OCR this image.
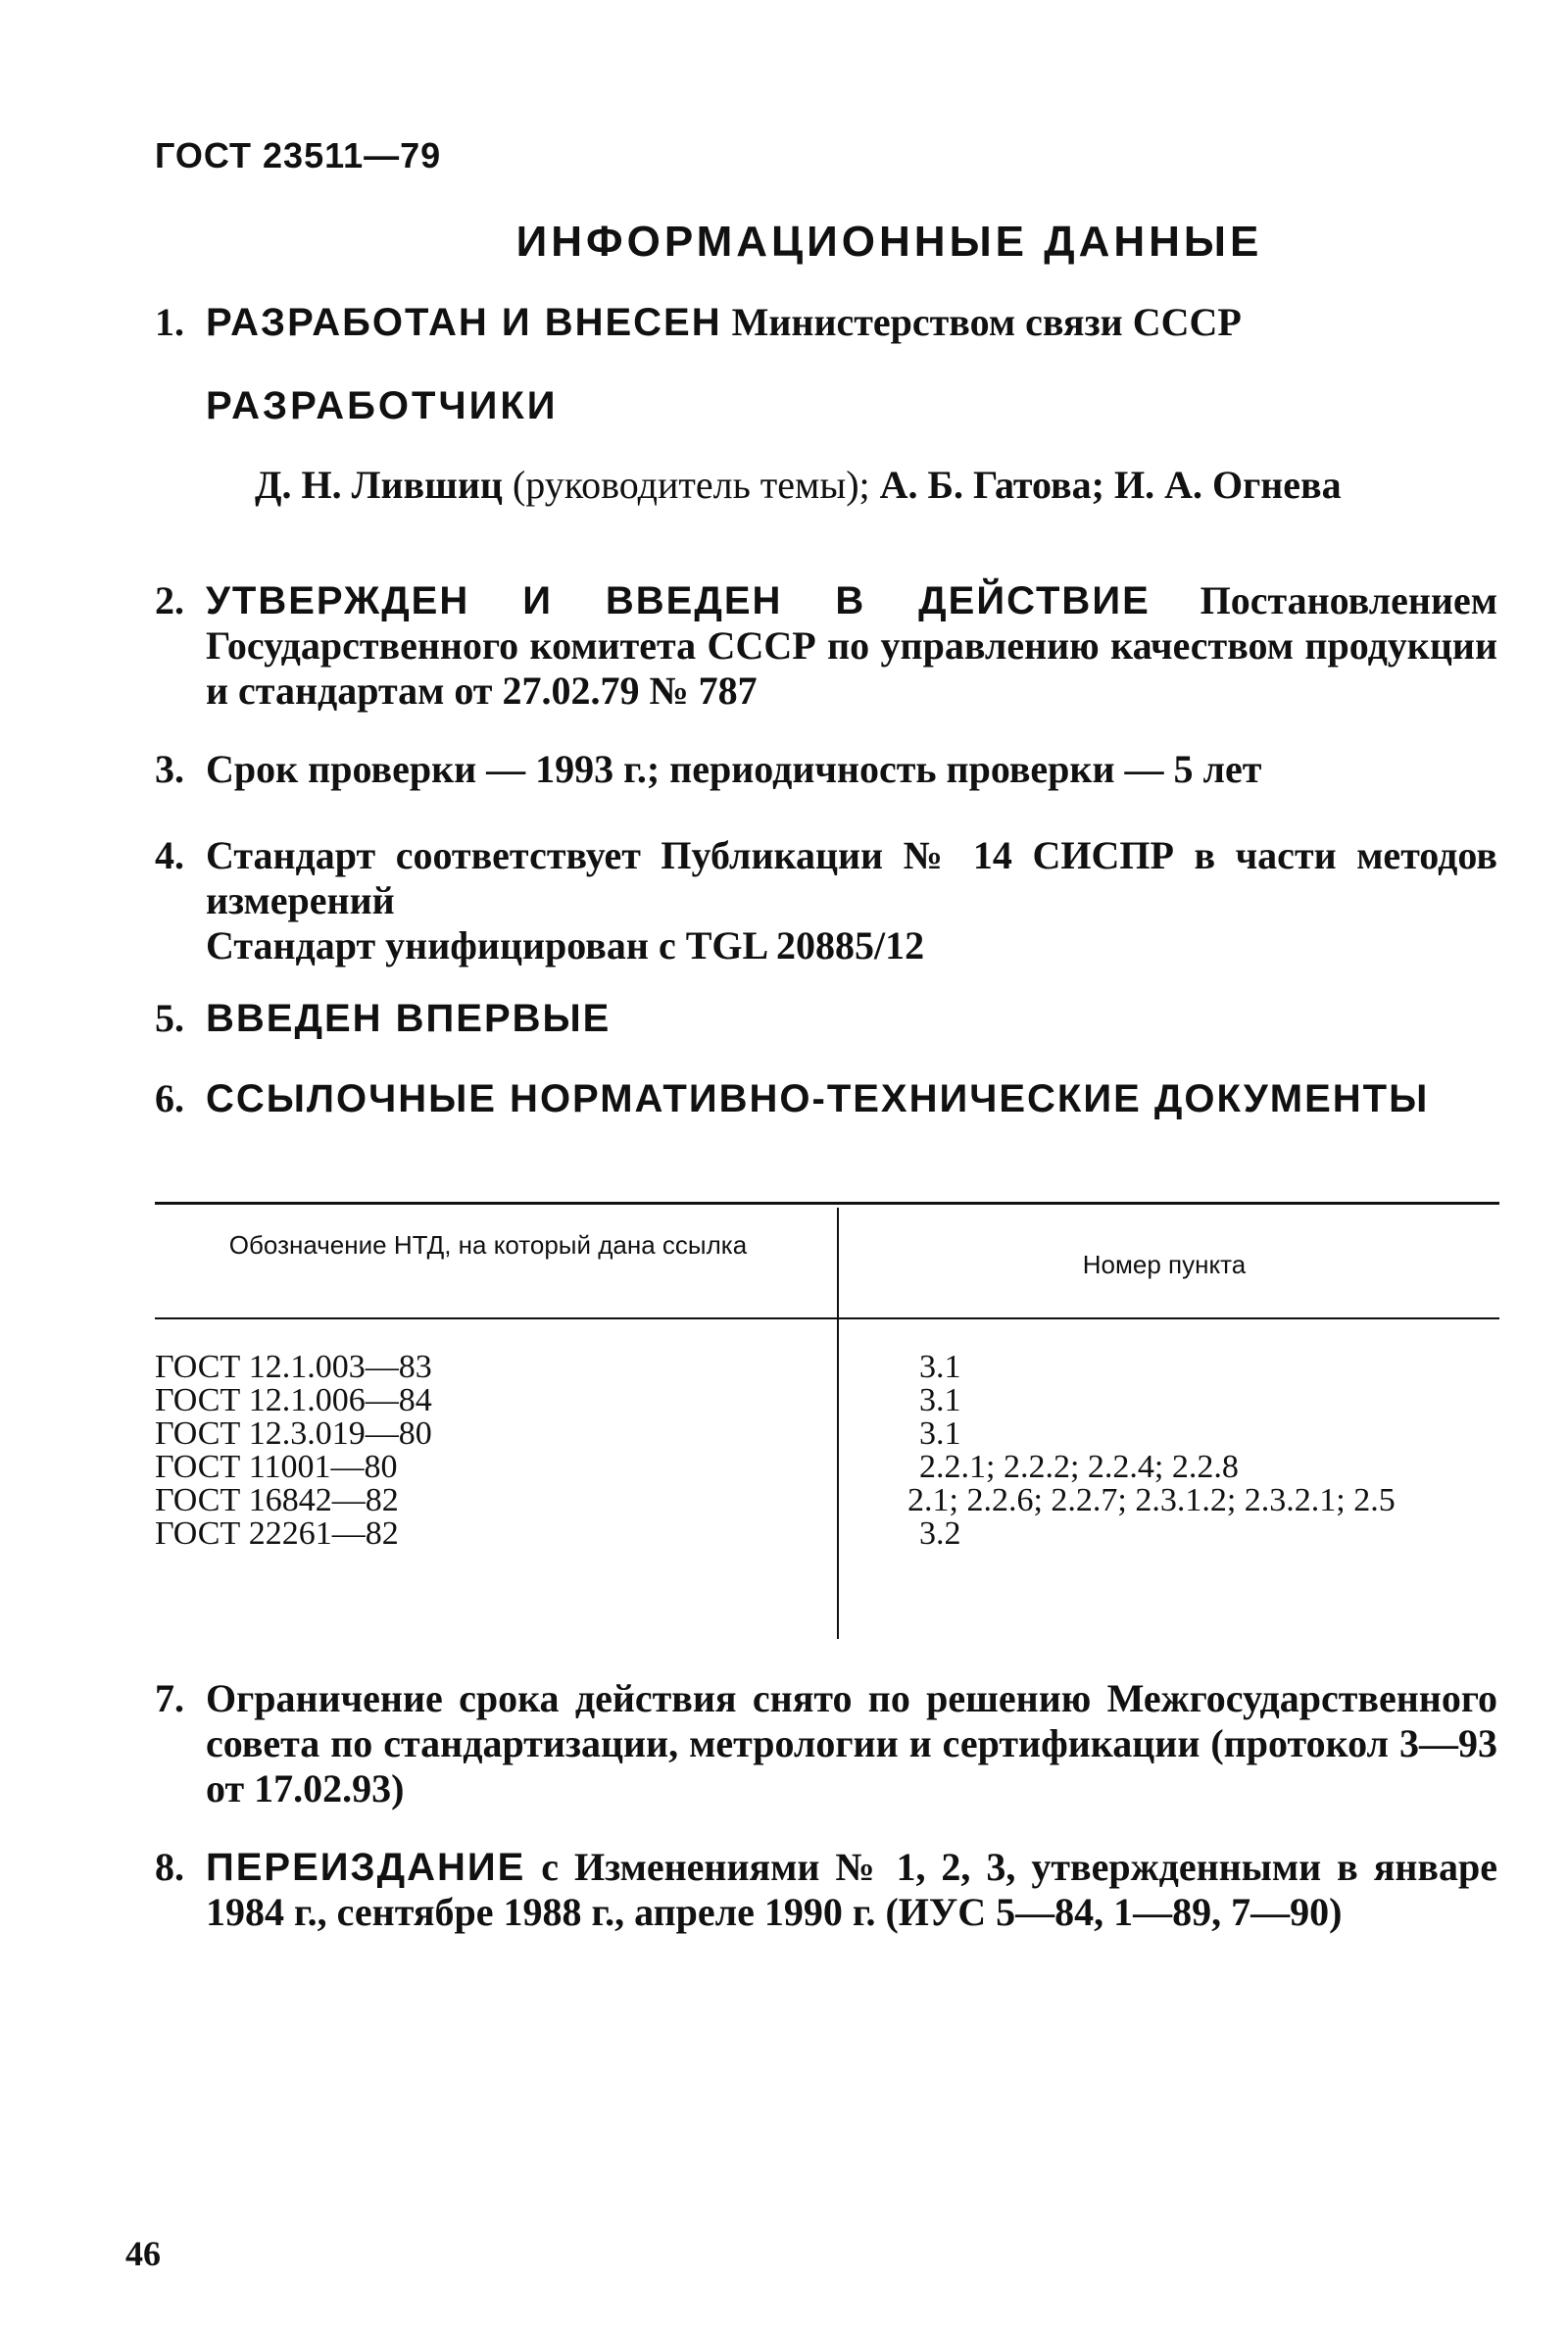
ГОСТ 23511—79
ИНФОРМАЦИОННЫЕ ДАННЫЕ
1. РАЗРАБОТАН И ВНЕСЕН Министерством связи СССР
РАЗРАБОТЧИКИ
Д. Н. Лившиц (руководитель темы); А. Б. Гатова; И. А. Огнева
2. УТВЕРЖДЕН И ВВЕДЕН В ДЕЙСТВИЕ Постановлением Государственного комитета СССР по управлению качеством продукции и стандартам от 27.02.79 № 787
3. Срок проверки — 1993 г.; периодичность проверки — 5 лет
4. Стандарт соответствует Публикации № 14 СИСПР в части методов измерений
Стандарт унифицирован с TGL 20885/12
5. ВВЕДЕН ВПЕРВЫЕ
6. ССЫЛОЧНЫЕ НОРМАТИВНО-ТЕХНИЧЕСКИЕ ДОКУМЕНТЫ
Обозначение НТД, на который дана ссылка
Номер пункта
ГОСТ 12.1.003—83
ГОСТ 12.1.006—84
ГОСТ 12.3.019—80
ГОСТ 11001—80
ГОСТ 16842—82
ГОСТ 22261—82
3.1
3.1
3.1
2.2.1; 2.2.2; 2.2.4; 2.2.8
2.1; 2.2.6; 2.2.7; 2.3.1.2; 2.3.2.1; 2.5
3.2
7. Ограничение срока действия снято по решению Межгосударственного совета по стандартизации, метрологии и сертификации (протокол 3—93 от 17.02.93)
8. ПЕРЕИЗДАНИЕ с Изменениями № 1, 2, 3, утвержденными в январе 1984 г., сентябре 1988 г., апреле 1990 г. (ИУС 5—84, 1—89, 7—90)
46
